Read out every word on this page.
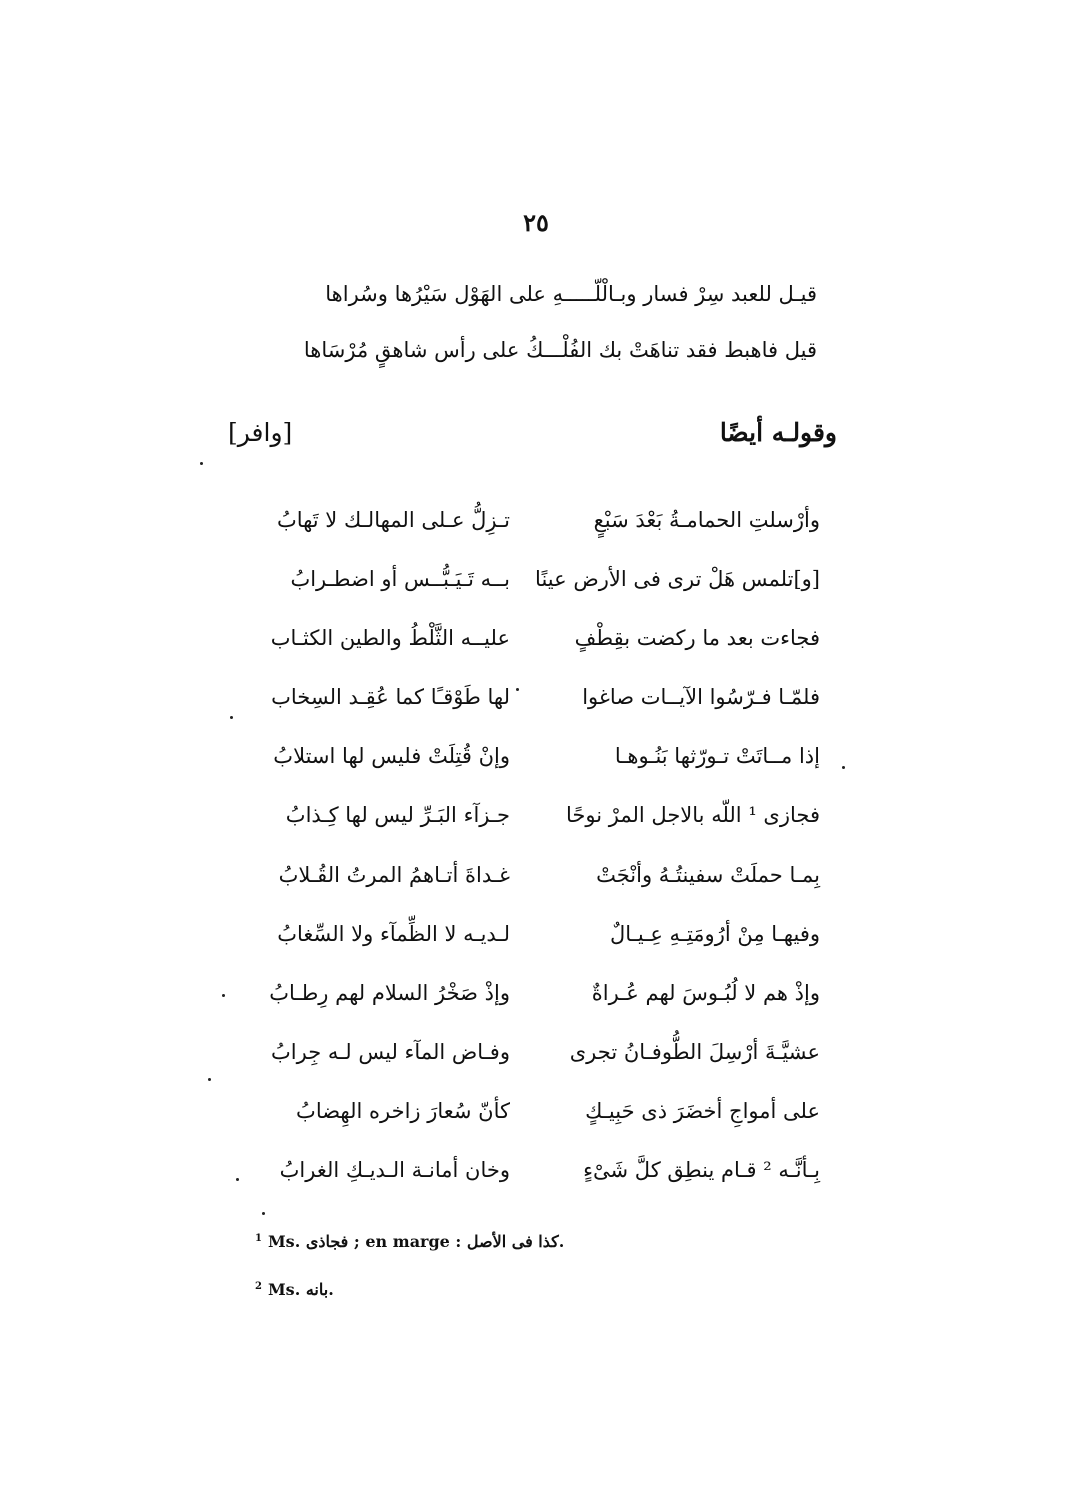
٢٥
قيـل للعبد سِرْ فسار وبـالْلّـــــهِ على الهَوْل سَيْرُها وسُراها
قيل فاهبط فقد تناهَتْ بك الفُلْـــكُ على رأس شاهقٍ مُرْسَاها
وقولـه أيضًا
[وافر]
وأرْسلتِ الحمامـةُ بَعْدَ سَبْعٍ
تـزِلُّ عـلى المهالـك لا تَهابُ
[و]تلمس هَلْ ترى فى الأرض عينًا
بــه تَـيَـبُّــس أو اضطـرابُ
فجاءت بعد ما ركضت بقِطْفٍ
عليــه الثَّلْطُ والطين الكثـاب
فلمّـا فـرّسُوا الآيــات صاغوا
لها طَوْقـًا كما عُقِـد السِخاب
إذا مــاتَتْ تـورّثها بَنُـوهـا
وإنْ قُتِلَتْ فليس لها استلابُ
فجازى ¹ اللّه بالاجل المرْ نوحًا
جـزآء البَـرِّ ليس لها كِـذابُ
بِمـا حملَتْ سفينتُـهُ وأنْجَتْ
غـداةَ أتـاهمُ المرتُ القُـلابُ
وفيهـا مِنْ أرُومَتِـهِ عِـيـالٌ
لـديـه لا الظِّمآء ولا السِّغابُ
وإذْ هم لا لُبُـوسَ لهم عُـراةٌ
وإذْ صَخْرُ السلام لهم رِطـابُ
عشيَّـةَ أرْسِلَ الطُّوفـانُ تجرى
وفـاض المآء ليس لـه جِرابُ
على أمواجِ أخضَرَ ذى حَبِيـكٍ
كأنّ سُعارَ زاخره الهِضابُ
بِـأنَّـه ² قـام ينطِق كلَّ شَىْءٍ
وخان أمانـة الـديـكِ الغرابُ
$^1$ Ms. فجاذى ; en marge : كذا فى الأصل.
$^2$ Ms. بانه.
